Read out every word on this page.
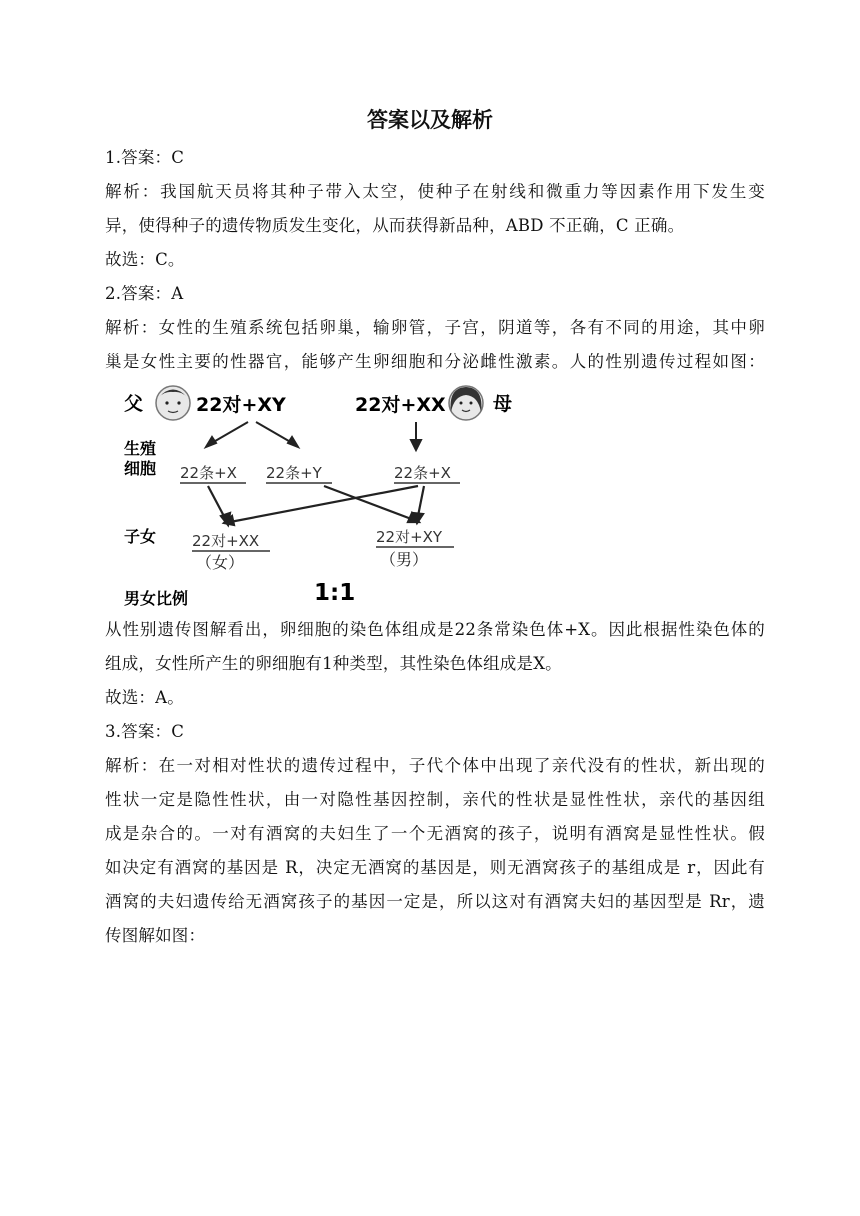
答案以及解析
1.答案：C
解析：我国航天员将其种子带入太空，使种子在射线和微重力等因素作用下发生变
异，使得种子的遗传物质发生变化，从而获得新品种，ABD 不正确，C 正确。
故选：C。
2.答案：A
解析：女性的生殖系统包括卵巢，输卵管，子宫，阴道等，各有不同的用途，其中卵
巢是女性主要的性器官，能够产生卵细胞和分泌雌性激素。人的性别遗传过程如图：
父	22对+XY	22对+XX 母
生殖
细胞 22条+X 22条+Y	22条+X
子女 22对+XX
（女）
22对+XY
（男）
男女比例	1:1
从性别遗传图解看出，卵细胞的染色体组成是22条常染色体+X。因此根据性染色体的
组成，女性所产生的卵细胞有1种类型，其性染色体组成是X。
故选：A。
3.答案：C
解析：在一对相对性状的遗传过程中，子代个体中出现了亲代没有的性状，新出现的
性状一定是隐性性状，由一对隐性基因控制，亲代的性状是显性性状，亲代的基因组
成是杂合的。一对有酒窝的夫妇生了一个无酒窝的孩子，说明有酒窝是显性性状。假
如决定有酒窝的基因是 R，决定无酒窝的基因是，则无酒窝孩子的基组成是 r，因此有
酒窝的夫妇遗传给无酒窝孩子的基因一定是，所以这对有酒窝夫妇的基因型是 Rr，遗
传图解如图：
